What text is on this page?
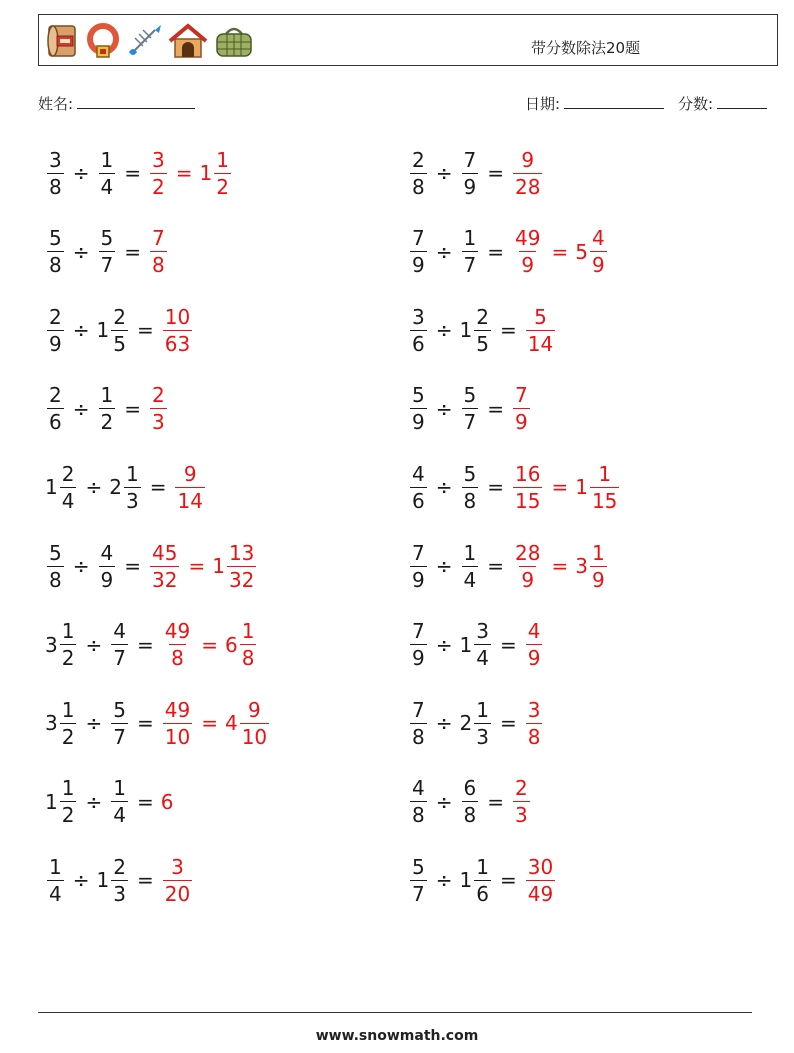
带分数除法20题
姓名:	日期:	分数:
$\frac{3}{8} \div \frac{1}{4} = \frac{3}{2} = 1 \frac{1}{2}$	$\frac{2}{8} \div \frac{7}{9} = \frac{9}{28}$
$\frac{5}{8} \div \frac{5}{7} = \frac{7}{8}$	$\frac{7}{9} \div \frac{1}{7} = \frac{49}{9} = 5 \frac{4}{9}$
$\frac{2}{9} \div 1 \frac{2}{5} = \frac{10}{63}$	$\frac{3}{6} \div 1 \frac{2}{5} = \frac{5}{14}$
$\frac{2}{6} \div \frac{1}{2} = \frac{2}{3}$	$\frac{5}{9} \div \frac{5}{7} = \frac{7}{9}$
$1 \frac{2}{4} \div 2 \frac{1}{3} = \frac{9}{14}$	$\frac{4}{6} \div \frac{5}{8} = \frac{16}{15} = 1 \frac{1}{15}$
$\frac{5}{8} \div \frac{4}{9} = \frac{45}{32} = 1 \frac{13}{32}$	$\frac{7}{9} \div \frac{1}{4} = \frac{28}{9} = 3 \frac{1}{9}$
$3 \frac{1}{2} \div \frac{4}{7} = \frac{49}{8} = 6 \frac{1}{8}$	$\frac{7}{9} \div 1 \frac{3}{4} = \frac{4}{9}$
$3 \frac{1}{2} \div \frac{5}{7} = \frac{49}{10} = 4 \frac{9}{10}$	$\frac{7}{8} \div 2 \frac{1}{3} = \frac{3}{8}$
$1 \frac{1}{2} \div \frac{1}{4} = 6$	$\frac{4}{8} \div \frac{6}{8} = \frac{2}{3}$
$\frac{1}{4} \div 1 \frac{2}{3} = \frac{3}{20}$	$\frac{5}{7} \div 1 \frac{1}{6} = \frac{30}{49}$
www.snowmath.com
